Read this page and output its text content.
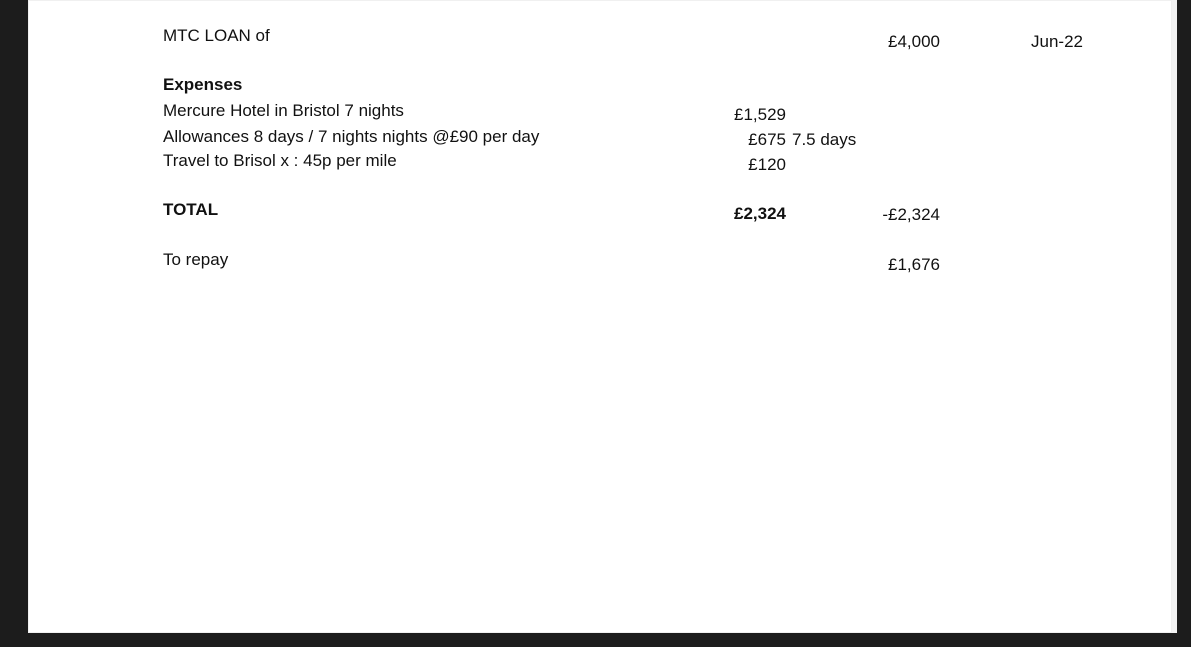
MTC LOAN of	£4,000	Jun-22
Expenses
Mercure Hotel in Bristol 7 nights	£1,529
Allowances 8 days / 7 nights nights @£90 per day	£675 7.5 days
Travel to Brisol x : 45p per mile	£120
TOTAL	£2,324	-£2,324
To repay	£1,676
